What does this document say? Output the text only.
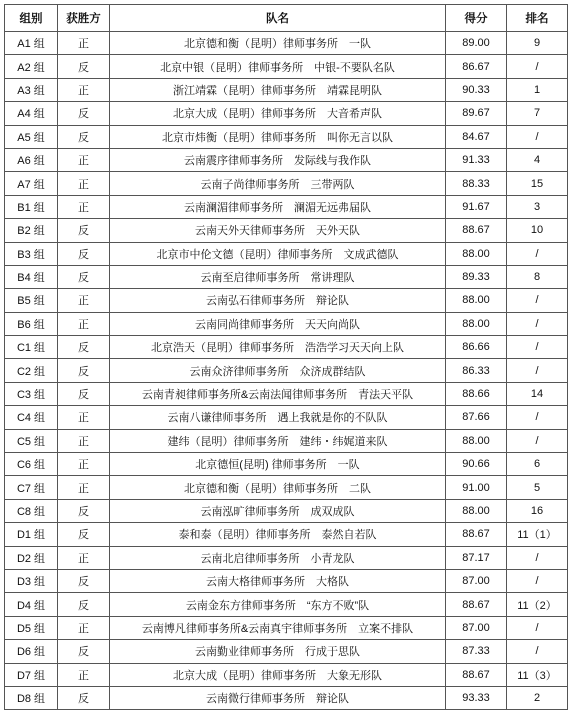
组别	获胜方	队名	得分	排名
A1 组	正	北京德和衡（昆明）律师事务所　一队	89.00	9
A2 组	反	北京中银（昆明）律师事务所　中银-不要队名队	86.67	/
A3 组	正	浙江靖霖（昆明）律师事务所　靖霖昆明队	90.33	1
A4 组	反	北京大成（昆明）律师事务所　大音希声队	89.67	7
A5 组	反	北京市炜衡（昆明）律师事务所　叫你无言以队	84.67	/
A6 组	正	云南震序律师事务所　发际线与我作队	91.33	4
A7 组	正	云南子尚律师事务所　三带两队	88.33	15
B1 组	正	云南澜湄律师事务所　澜湄无远弗届队	91.67	3
B2 组	反	云南天外天律师事务所　天外天队	88.67	10
B3 组	反	北京市中伦文德（昆明）律师事务所　文成武德队	88.00	/
B4 组	反	云南至启律师事务所　常讲理队	89.33	8
B5 组	正	云南弘石律师事务所　辩论队	88.00	/
B6 组	正	云南同尚律师事务所　天天向尚队	88.00	/
C1 组	反	北京浩天（昆明）律师事务所　浩浩学习天天向上队	86.66	/
C2 组	反	云南众济律师事务所　众济成群结队	86.33	/
C3 组	反	云南青昶律师事务所&云南法闻律师事务所　青法天平队	88.66	14
C4 组	正	云南八谦律师事务所　遇上我就是你的不队队	87.66	/
C5 组	正	建纬（昆明）律师事务所　建纬・纬娓道来队	88.00	/
C6 组	正	北京德恒(昆明) 律师事务所　一队	90.66	6
C7 组	正	北京德和衡（昆明）律师事务所　二队	91.00	5
C8 组	反	云南泓旷律师事务所　成双成队	88.00	16
D1 组	反	泰和泰（昆明）律师事务所　泰然自若队	88.67	11（1）
D2 组	正	云南北启律师事务所　小青龙队	87.17	/
D3 组	反	云南大格律师事务所　大格队	87.00	/
D4 组	反	云南金东方律师事务所　“东方不败”队	88.67	11（2）
D5 组	正	云南博凡律师事务所&云南真宇律师事务所　立案不排队	87.00	/
D6 组	反	云南勤业律师事务所　行成于思队	87.33	/
D7 组	正	北京大成（昆明）律师事务所　大象无形队	88.67	11（3）
D8 组	反	云南微行律师事务所　辩论队	93.33	2
